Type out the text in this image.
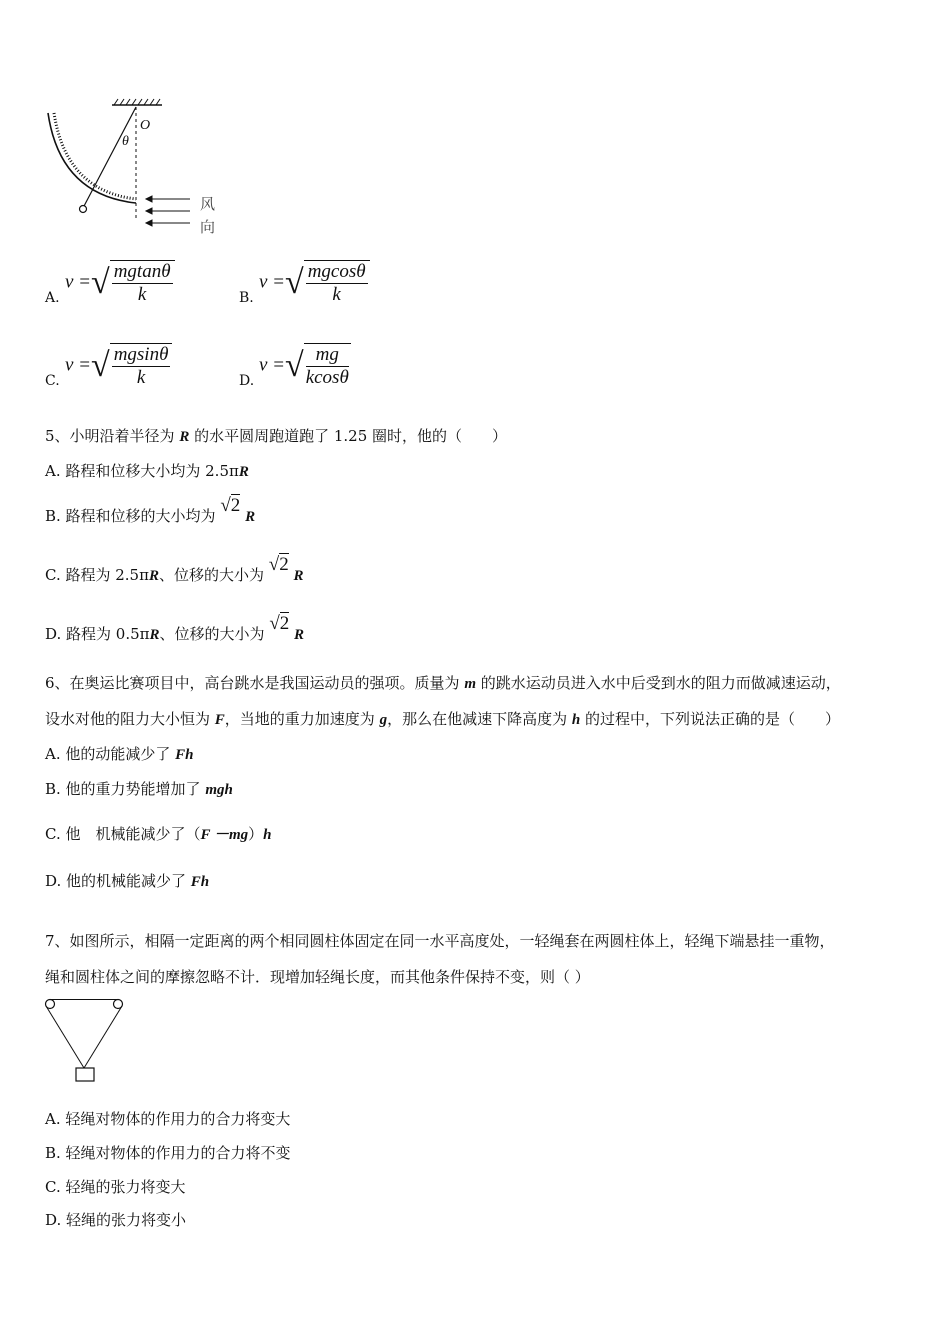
O
θ
风
向
A.
v =√ $\frac{mgtan\theta}{k}$	B.
v =√ $\frac{mgcos\theta}{k}$
C.
v =√ $\frac{mgsin\theta}{k}$	D.
v =√ $\frac{mg}{kcos\theta}$
5、小明沿着半径为 R 的水平圆周跑道跑了 1.25 圈时，他的（　　）
A. 路程和位移大小均为 2.5πR
B. 路程和位移的大小均为 √2 R
C. 路程为 2.5πR、位移的大小为 √2 R
D. 路程为 0.5πR、位移的大小为 √2 R
6、在奥运比赛项目中，高台跳水是我国运动员的强项。质量为 m 的跳水运动员进入水中后受到水的阻力而做减速运动，
设水对他的阻力大小恒为 F，当地的重力加速度为 g，那么在他减速下降高度为 h 的过程中，下列说法正确的是（　　）
A. 他的动能减少了 Fh
B. 他的重力势能增加了 mgh
C. 他　机械能减少了（F －mg）h
D. 他的机械能减少了 Fh
7、如图所示，相隔一定距离的两个相同圆柱体固定在同一水平高度处，一轻绳套在两圆柱体上，轻绳下端悬挂一重物，
绳和圆柱体之间的摩擦忽略不计．现增加轻绳长度，而其他条件保持不变，则（ ）
A. 轻绳对物体的作用力的合力将变大
B. 轻绳对物体的作用力的合力将不变
C. 轻绳的张力将变大
D. 轻绳的张力将变小
